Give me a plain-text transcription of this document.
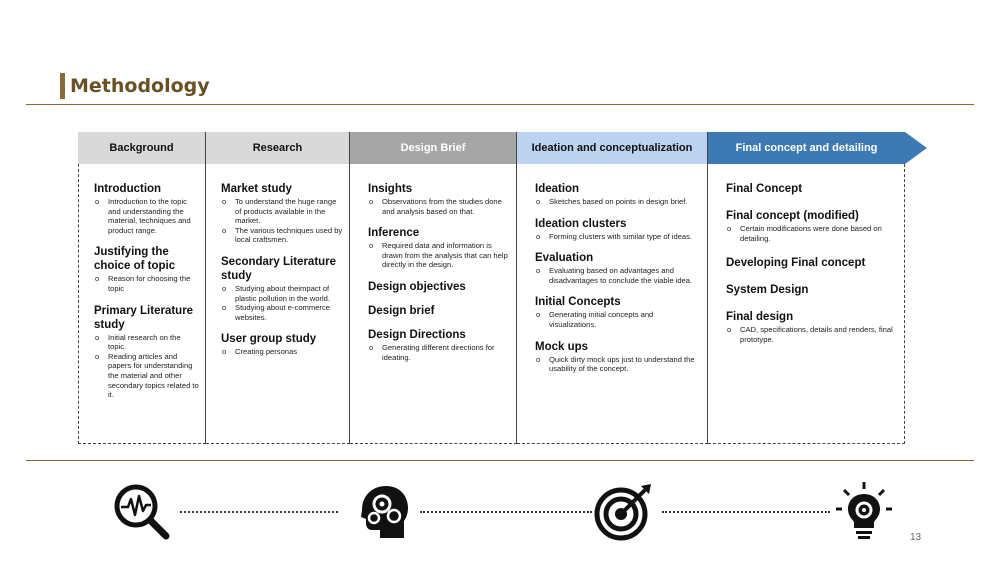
Methodology
Background	Research	Design Brief	Ideation and conceptualization	Final concept and detailing
Introduction
o Introduction to the topic and understanding the material, techniques and product range.
Justifying the choice of topic
o Reason for choosing the topic
Primary Literature study
o Initial research on the topic.
o Reading articles and papers for understanding the material and other secondary topics related to it.
Market study
o To understand the huge range of products available in the market.
o The various techniques used by local craftsmen.
Secondary Literature study
o Studying about theimpact of plastic pollution in the world.
o Studying about e-commerce websites.
User group study
o Creating personas
Insights
o Observations from the studies done and analysis based on that.
Inference
o Required data and information is drawn from the analysis that can help directly in the design.
Design objectives
Design brief
Design Directions
o Generating different directions for ideating.
Ideation
o Sketches based on points in design brief.
Ideation clusters
o Forming clusters with similar type of ideas.
Evaluation
o Evaluating based on advantages and disadvantages to conclude the viable idea.
Initial Concepts
o Generating initial concepts and visualizations.
Mock ups
o Quick dirty mock ups just to understand the usability of the concept.
Final Concept
Final concept (modified)
o Certain modifications were done based on detailing.
Developing Final concept
System Design
Final design
o CAD, specifications, details and renders, final prototype.
13
